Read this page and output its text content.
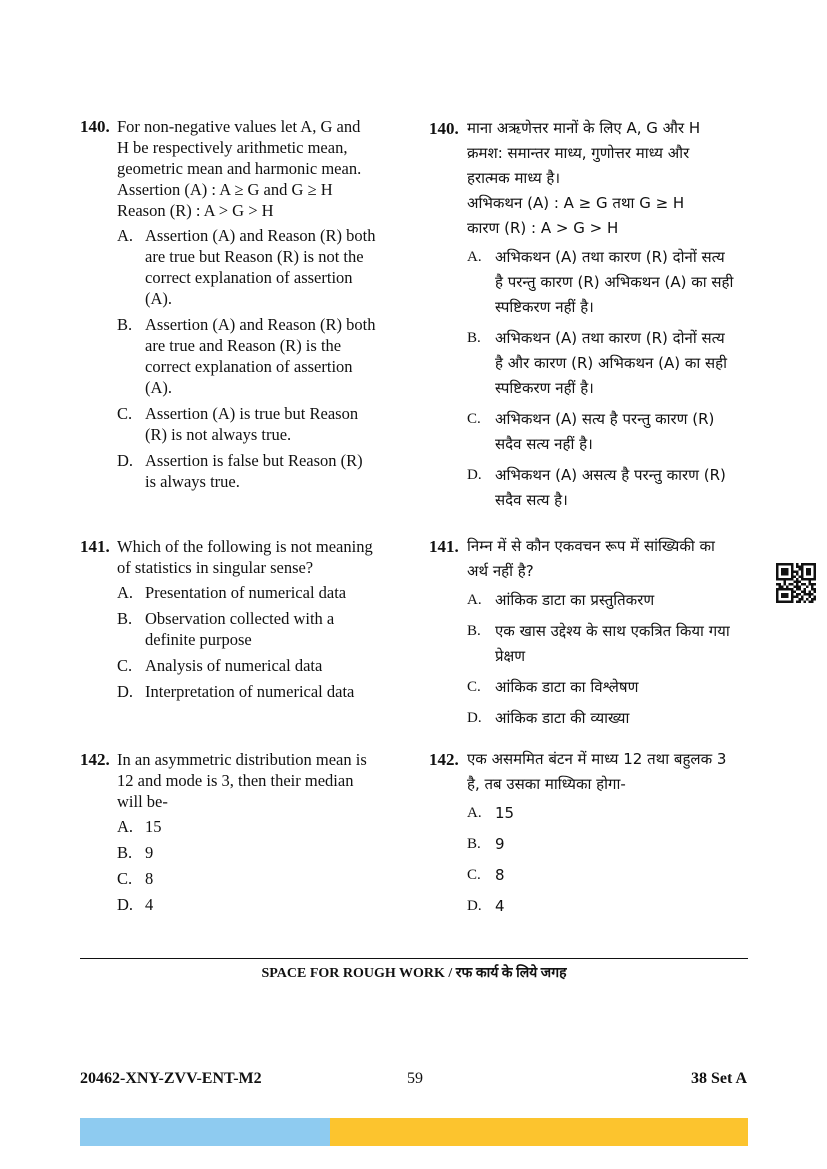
140. For non-negative values let A, G and
H be respectively arithmetic mean,
geometric mean and harmonic mean.
Assertion (A) : A ≥ G and G ≥ H
Reason (R) : A > G > H
A. Assertion (A) and Reason (R) both
are true but Reason (R) is not the
correct explanation of assertion
(A).
B. Assertion (A) and Reason (R) both
are true and Reason (R) is the
correct explanation of assertion
(A).
C. Assertion (A) is true but Reason
(R) is not always true.
D. Assertion is false but Reason (R)
is always true.
141. Which of the following is not meaning
of statistics in singular sense?
A. Presentation of numerical data
B. Observation collected with a
definite purpose
C. Analysis of numerical data
D. Interpretation of numerical data
142. In an asymmetric distribution mean is
12 and mode is 3, then their median
will be-
A. 15
B. 9
C. 8
D. 4
140. माना अऋणेत्तर मानों के लिए A, G और H
क्रमश: समान्तर माध्य, गुणोत्तर माध्य और
हरात्मक माध्य है।
अभिकथन (A) : A ≥ G तथा G ≥ H
कारण (R) : A > G > H
A. अभिकथन (A) तथा कारण (R) दोनों सत्य
है परन्तु कारण (R) अभिकथन (A) का सही
स्पष्टिकरण नहीं है।
B. अभिकथन (A) तथा कारण (R) दोनों सत्य
है और कारण (R) अभिकथन (A) का सही
स्पष्टिकरण नहीं है।
C. अभिकथन (A) सत्य है परन्तु कारण (R)
सदैव सत्य नहीं है।
D. अभिकथन (A) असत्य है परन्तु कारण (R)
सदैव सत्य है।
141. निम्न में से कौन एकवचन रूप में सांख्यिकी का
अर्थ नहीं है?
A. आंकिक डाटा का प्रस्तुतिकरण
B. एक खास उद्देश्य के साथ एकत्रित किया गया
प्रेक्षण
C. आंकिक डाटा का विश्लेषण
D. आंकिक डाटा की व्याख्या
142. एक असममित बंटन में माध्य 12 तथा बहुलक 3
है, तब उसका माध्यिका होगा-
A. 15
B. 9
C. 8
D. 4
SPACE FOR ROUGH WORK / रफ कार्य के लिये जगह
20462-XNY-ZVV-ENT-M2	59	38 Set A
